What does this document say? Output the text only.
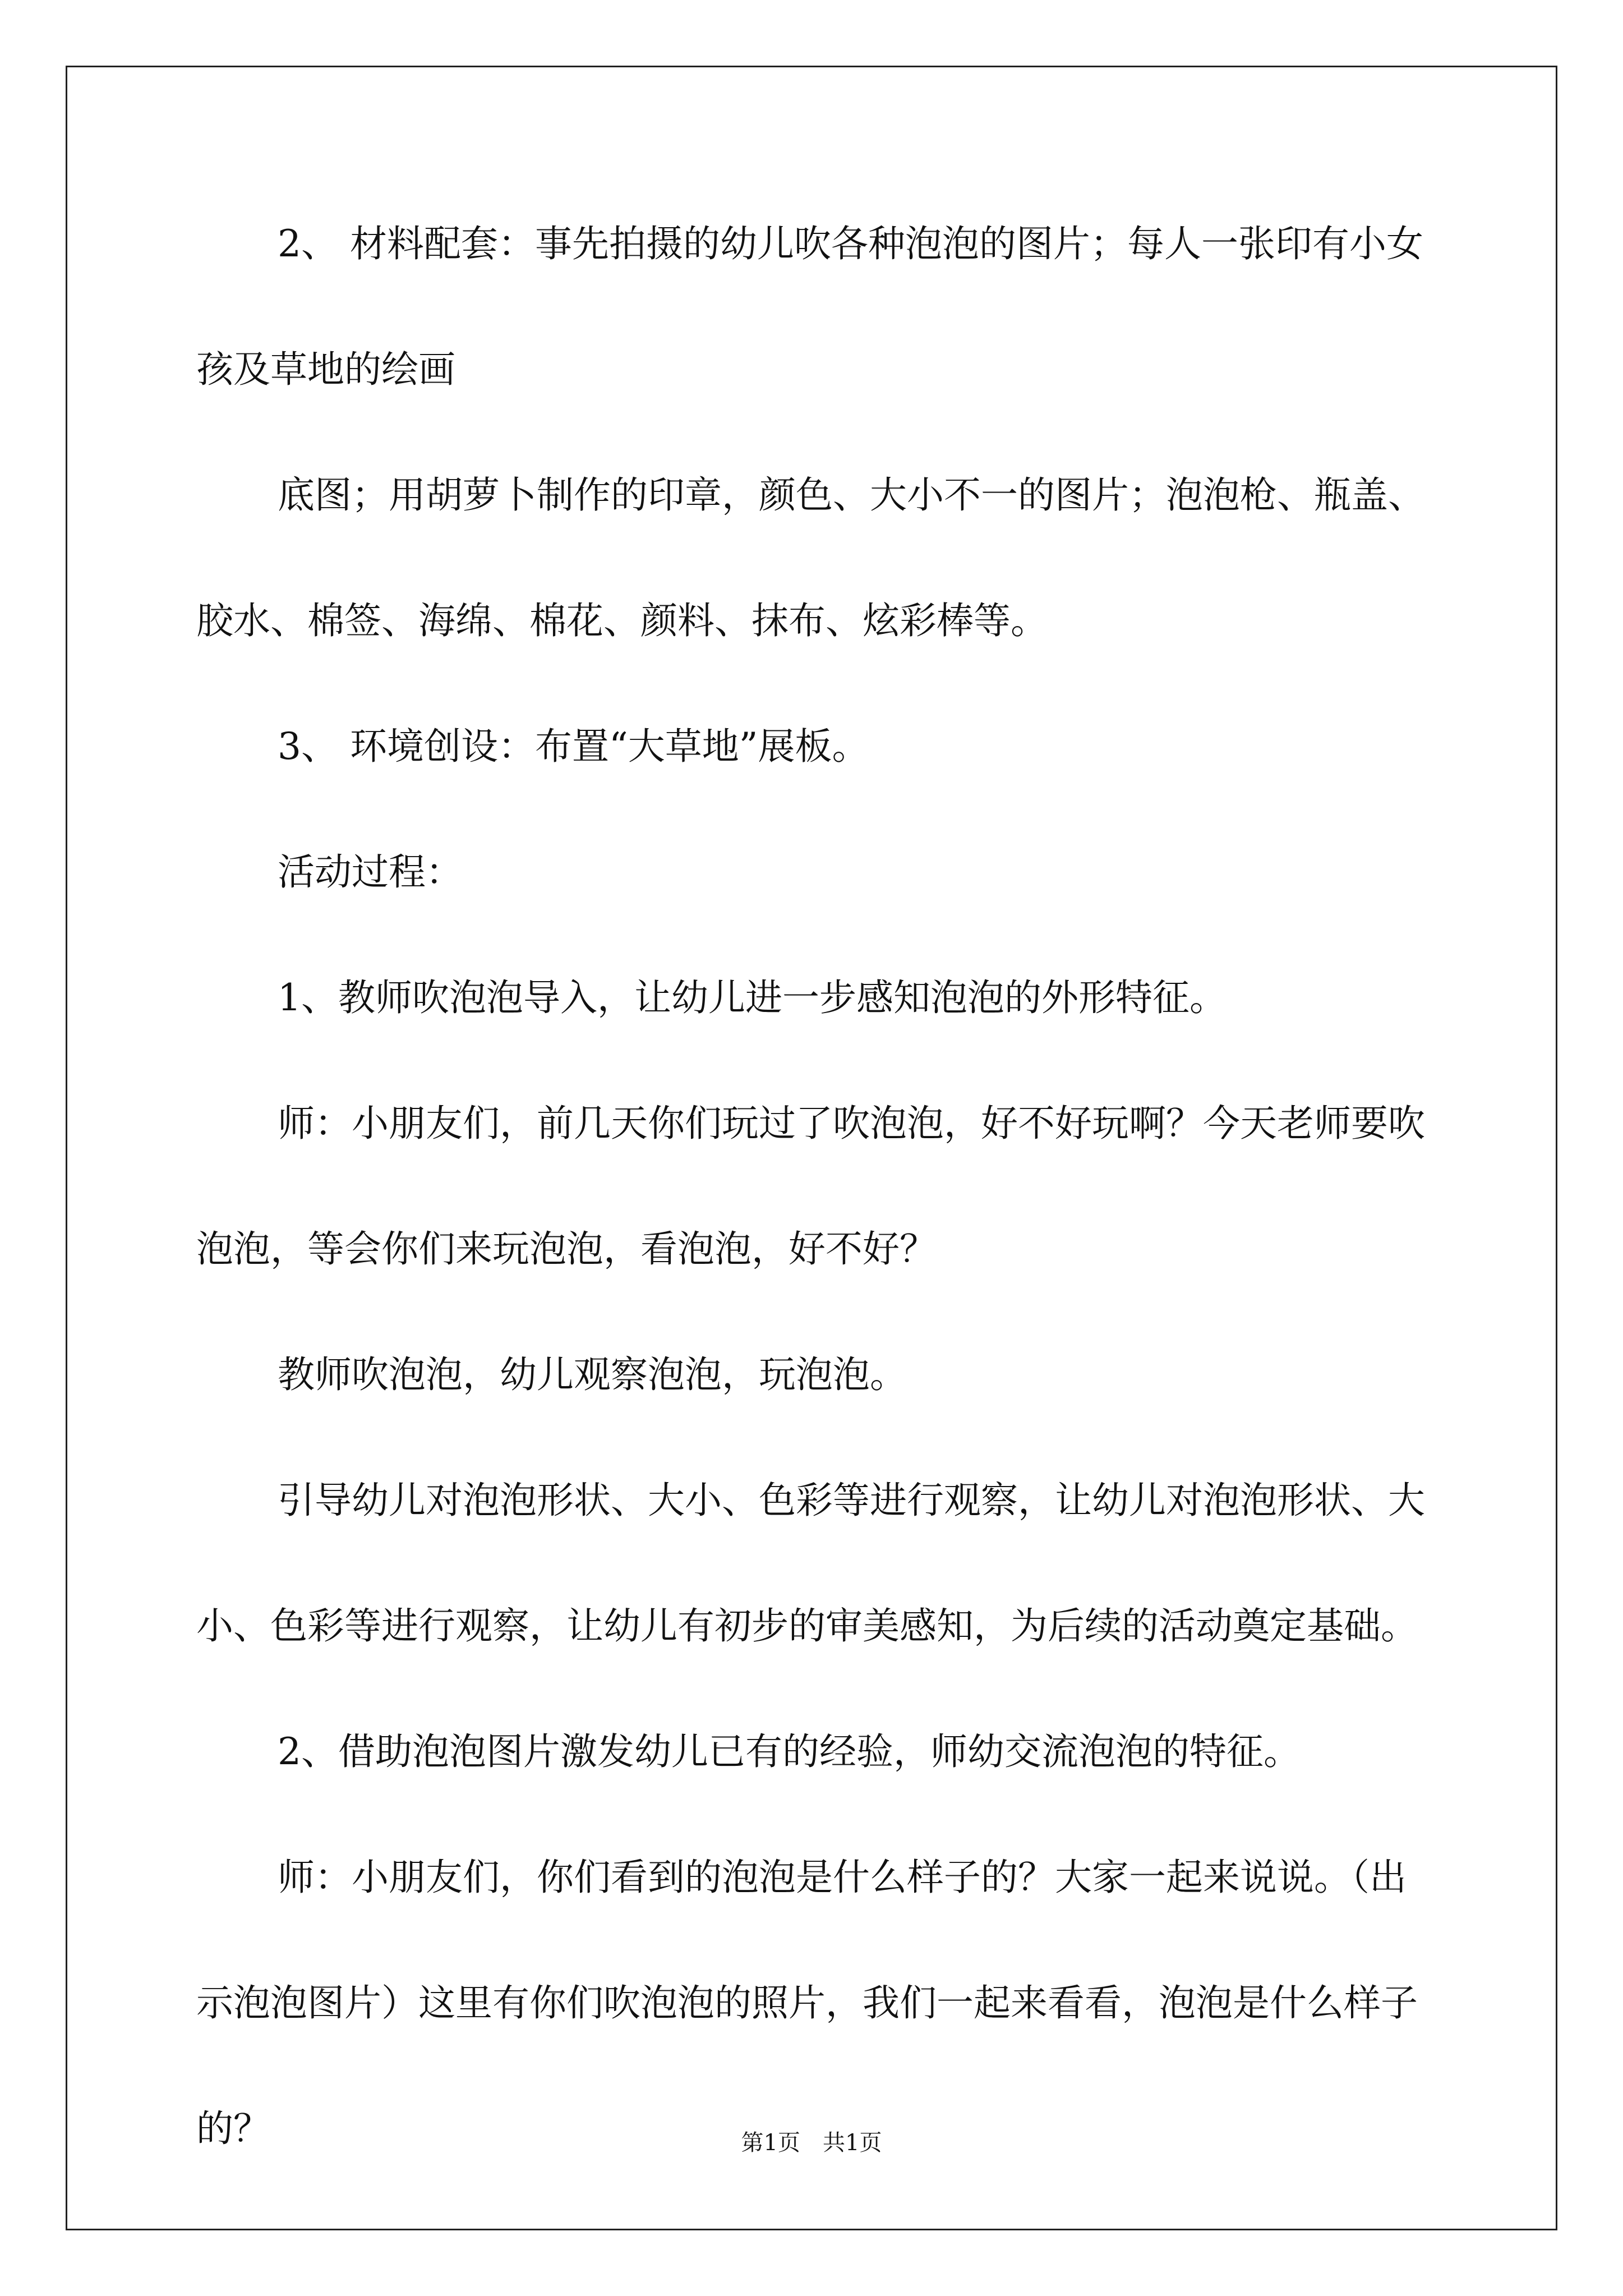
2、 材料配套：事先拍摄的幼儿吹各种泡泡的图片；每人一张印有小女孩及草地的绘画

底图；用胡萝卜制作的印章，颜色、大小不一的图片；泡泡枪、瓶盖、胶水、棉签、海绵、棉花、颜料、抹布、炫彩棒等。

3、 环境创设：布置“大草地”展板。

活动过程：

1、教师吹泡泡导入，让幼儿进一步感知泡泡的外形特征。

师：小朋友们，前几天你们玩过了吹泡泡，好不好玩啊？今天老师要吹泡泡，等会你们来玩泡泡，看泡泡，好不好？

教师吹泡泡，幼儿观察泡泡，玩泡泡。

引导幼儿对泡泡形状、大小、色彩等进行观察，让幼儿对泡泡形状、大小、色彩等进行观察，让幼儿有初步的审美感知，为后续的活动奠定基础。

2、借助泡泡图片激发幼儿已有的经验，师幼交流泡泡的特征。

师：小朋友们，你们看到的泡泡是什么样子的？大家一起来说说。（出示泡泡图片）这里有你们吹泡泡的照片，我们一起来看看，泡泡是什么样子的？	第1页　共1页
